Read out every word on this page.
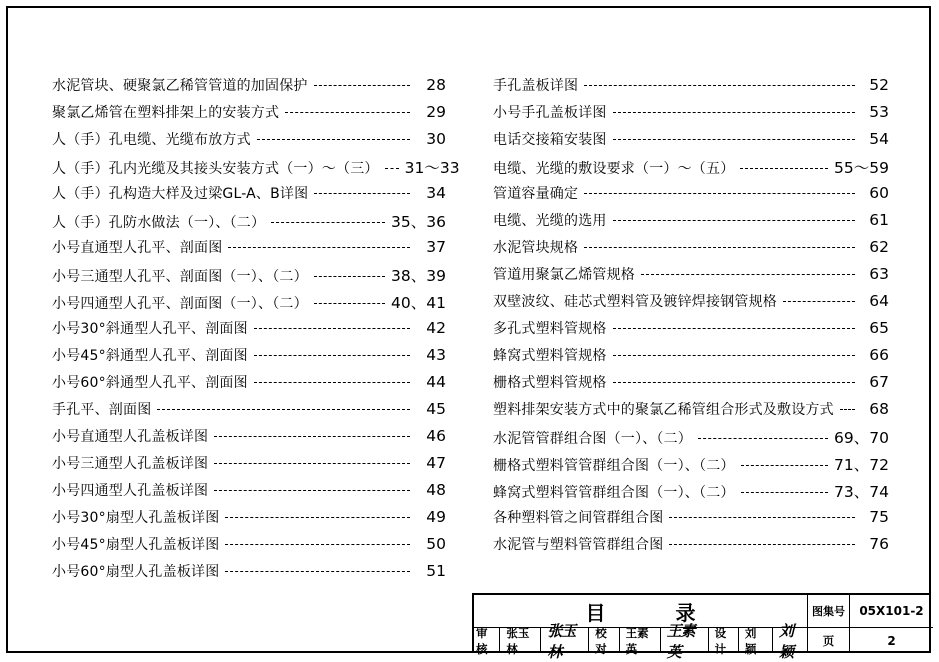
水泥管块、硬聚氯乙稀管管道的加固保护	28
聚氯乙烯管在塑料排架上的安装方式	29
人（手）孔电缆、光缆布放方式	30
人（手）孔内光缆及其接头安装方式（一）～（三） 31～33
人（手）孔构造大样及过梁GL-A、B详图	34
人（手）孔防水做法（一）、（二）	35、36
小号直通型人孔平、剖面图	37
小号三通型人孔平、剖面图（一）、（二）	38、39
小号四通型人孔平、剖面图（一）、（二）	40、41
小号30°斜通型人孔平、剖面图	42
小号45°斜通型人孔平、剖面图	43
小号60°斜通型人孔平、剖面图	44
手孔平、剖面图	45
小号直通型人孔盖板详图	46
小号三通型人孔盖板详图	47
小号四通型人孔盖板详图	48
小号30°扇型人孔盖板详图	49
小号45°扇型人孔盖板详图	50
小号60°扇型人孔盖板详图	51
手孔盖板详图	52
小号手孔盖板详图	53
电话交接箱安装图	54
电缆、光缆的敷设要求（一）～（五）	55～59
管道容量确定	60
电缆、光缆的选用	61
水泥管块规格	62
管道用聚氯乙烯管规格	63
双壁波纹、硅芯式塑料管及镀锌焊接钢管规格	64
多孔式塑料管规格	65
蜂窝式塑料管规格	66
栅格式塑料管规格	67
塑料排架安装方式中的聚氯乙稀管组合形式及敷设方式	68
水泥管管群组合图（一）、（二）	69、70
栅格式塑料管管群组合图（一）、（二）	71、72
蜂窝式塑料管管群组合图（一）、（二）	73、74
各种塑料管之间管群组合图	75
水泥管与塑料管管群组合图	76
目	录	图集号	05X101-2
审核
张玉林
张玉林
校对
王素英
王素英
设计
刘 颖
刘颖
页	2
